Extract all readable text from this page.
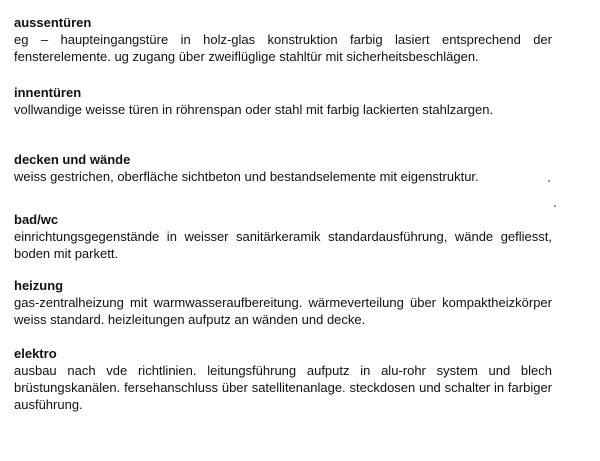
aussentüren

eg – haupteingangstüre in holz-glas konstruktion farbig lasiert entsprechend der fensterelemente. ug zugang über zweiflüglige stahltür mit sicherheitsbeschlägen.

innentüren

vollwandige weisse türen in röhrenspan oder stahl mit farbig lackierten stahlzargen.

decken und wände

weiss gestrichen, oberfläche sichtbeton und bestandselemente mit eigenstruktur.

bad/wc

einrichtungsgegenstände in weisser sanitärkeramik standardausführung, wände gefliesst, boden mit parkett.

heizung

gas-zentralheizung mit warmwasseraufbereitung. wärmeverteilung über kompaktheizkörper weiss standard. heizleitungen aufputz an wänden und decke.

elektro

ausbau nach vde richtlinien. leitungsführung aufputz in alu-rohr system und blech brüstungskanälen. fersehanschluss über satellitenanlage. steckdosen und schalter in farbiger ausführung.
